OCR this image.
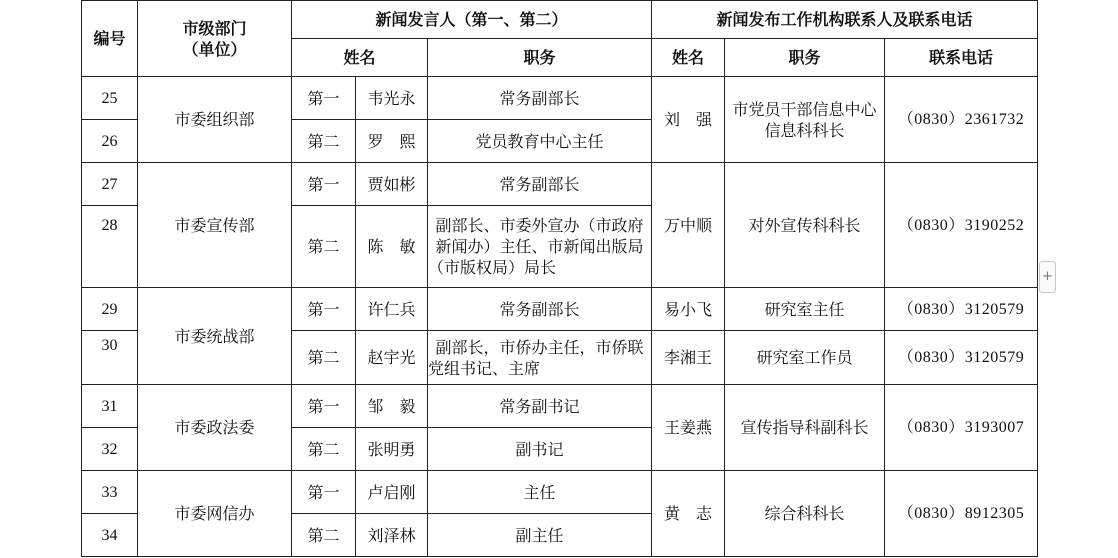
编号	市级部门
（单位）	新闻发言人（第一、第二）			新闻发布工作机构联系人及联系电话		
		姓名		职务	姓名	职务	联系电话
25	市委组织部	第一	韦光永	常务副部长	刘　强	市党员干部信息中心信息科科长	（0830）2361732
26		第二	罗　熙	党员教育中心主任			
27	市委宣传部	第一	贾如彬	常务副部长	万中顺	对外宣传科科长	（0830）3190252
28		第二	陈　敏	副部长、市委外宣办（市政府新闻办）主任、市新闻出版局（市版权局）局长			
29	市委统战部	第一	许仁兵	常务副部长	易小飞	研究室主任	（0830）3120579
30		第二	赵宇光	副部长，市侨办主任，市侨联党组书记、主席	李湘王	研究室工作员	（0830）3120579
31	市委政法委	第一	邹　毅	常务副书记	王姜燕	宣传指导科副科长	（0830）3193007
32		第二	张明勇	副书记			
33	市委网信办	第一	卢启刚	主任	黄　志	综合科科长	（0830）8912305
34		第二	刘泽林	副主任			
+
